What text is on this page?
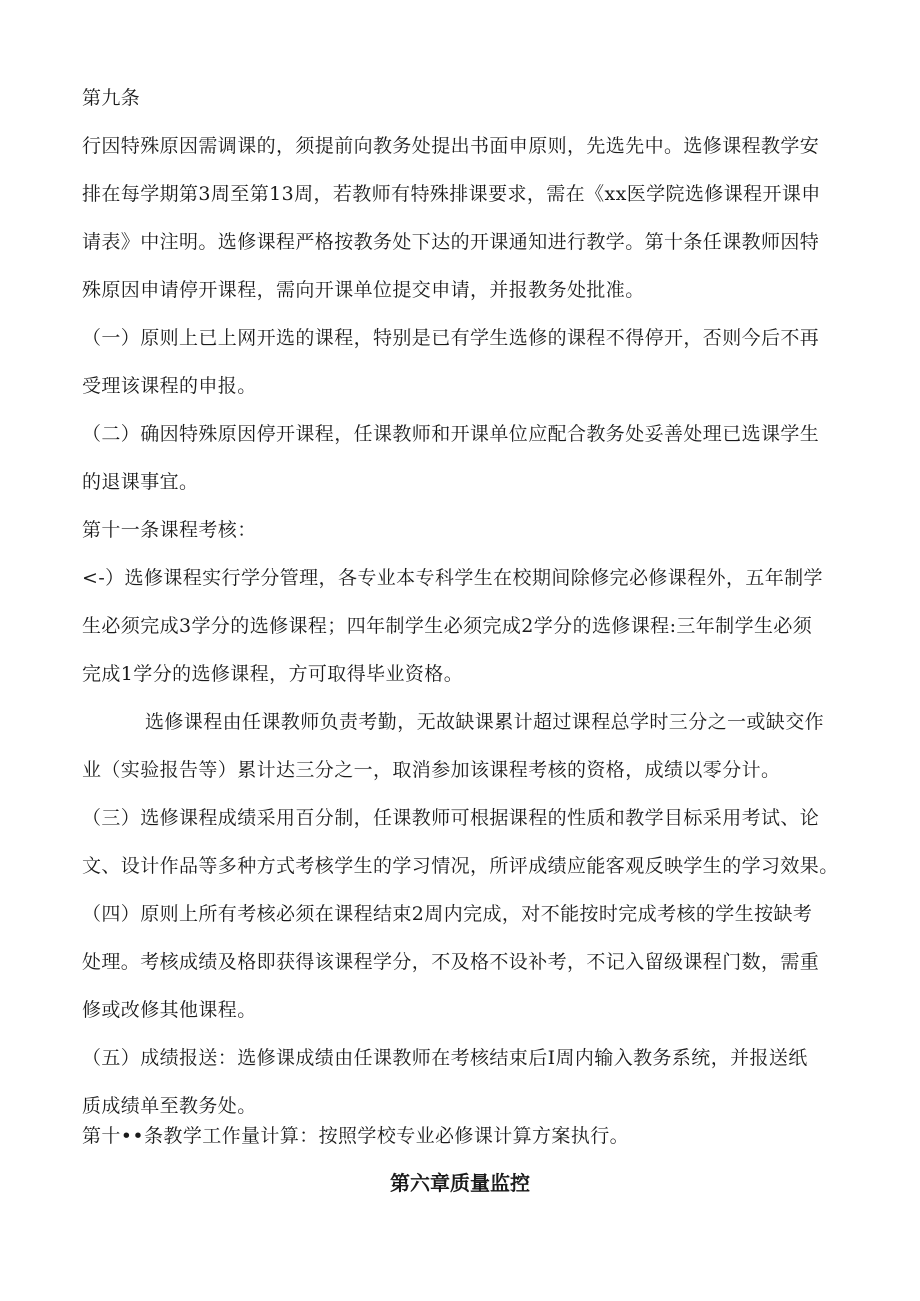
第九条
行因特殊原因需调课的，须提前向教务处提出书面申原则，先选先中。选修课程教学安
排在每学期第3周至第13周，若教师有特殊排课要求，需在《xx医学院选修课程开课申
请表》中注明。选修课程严格按教务处下达的开课通知进行教学。第十条任课教师因特
殊原因申请停开课程，需向开课单位提交申请，并报教务处批准。
（一）原则上已上网开选的课程，特别是已有学生选修的课程不得停开，否则今后不再
受理该课程的申报。
（二）确因特殊原因停开课程，任课教师和开课单位应配合教务处妥善处理已选课学生
的退课事宜。
第十一条课程考核：
<-）选修课程实行学分管理，各专业本专科学生在校期间除修完必修课程外，五年制学
生必须完成3学分的选修课程；四年制学生必须完成2学分的选修课程:三年制学生必须
完成1学分的选修课程，方可取得毕业资格。
选修课程由任课教师负责考勤，无故缺课累计超过课程总学时三分之一或缺交作
业（实验报告等）累计达三分之一，取消参加该课程考核的资格，成绩以零分计。
（三）选修课程成绩采用百分制，任课教师可根据课程的性质和教学目标采用考试、论
文、设计作品等多种方式考核学生的学习情况，所评成绩应能客观反映学生的学习效果。
（四）原则上所有考核必须在课程结束2周内完成，对不能按时完成考核的学生按缺考
处理。考核成绩及格即获得该课程学分，不及格不设补考，不记入留级课程门数，需重
修或改修其他课程。
（五）成绩报送：选修课成绩由任课教师在考核结束后I周内输入教务系统，并报送纸
质成绩单至教务处。
第十••条教学工作量计算：按照学校专业必修课计算方案执行。
第六章质量监控
